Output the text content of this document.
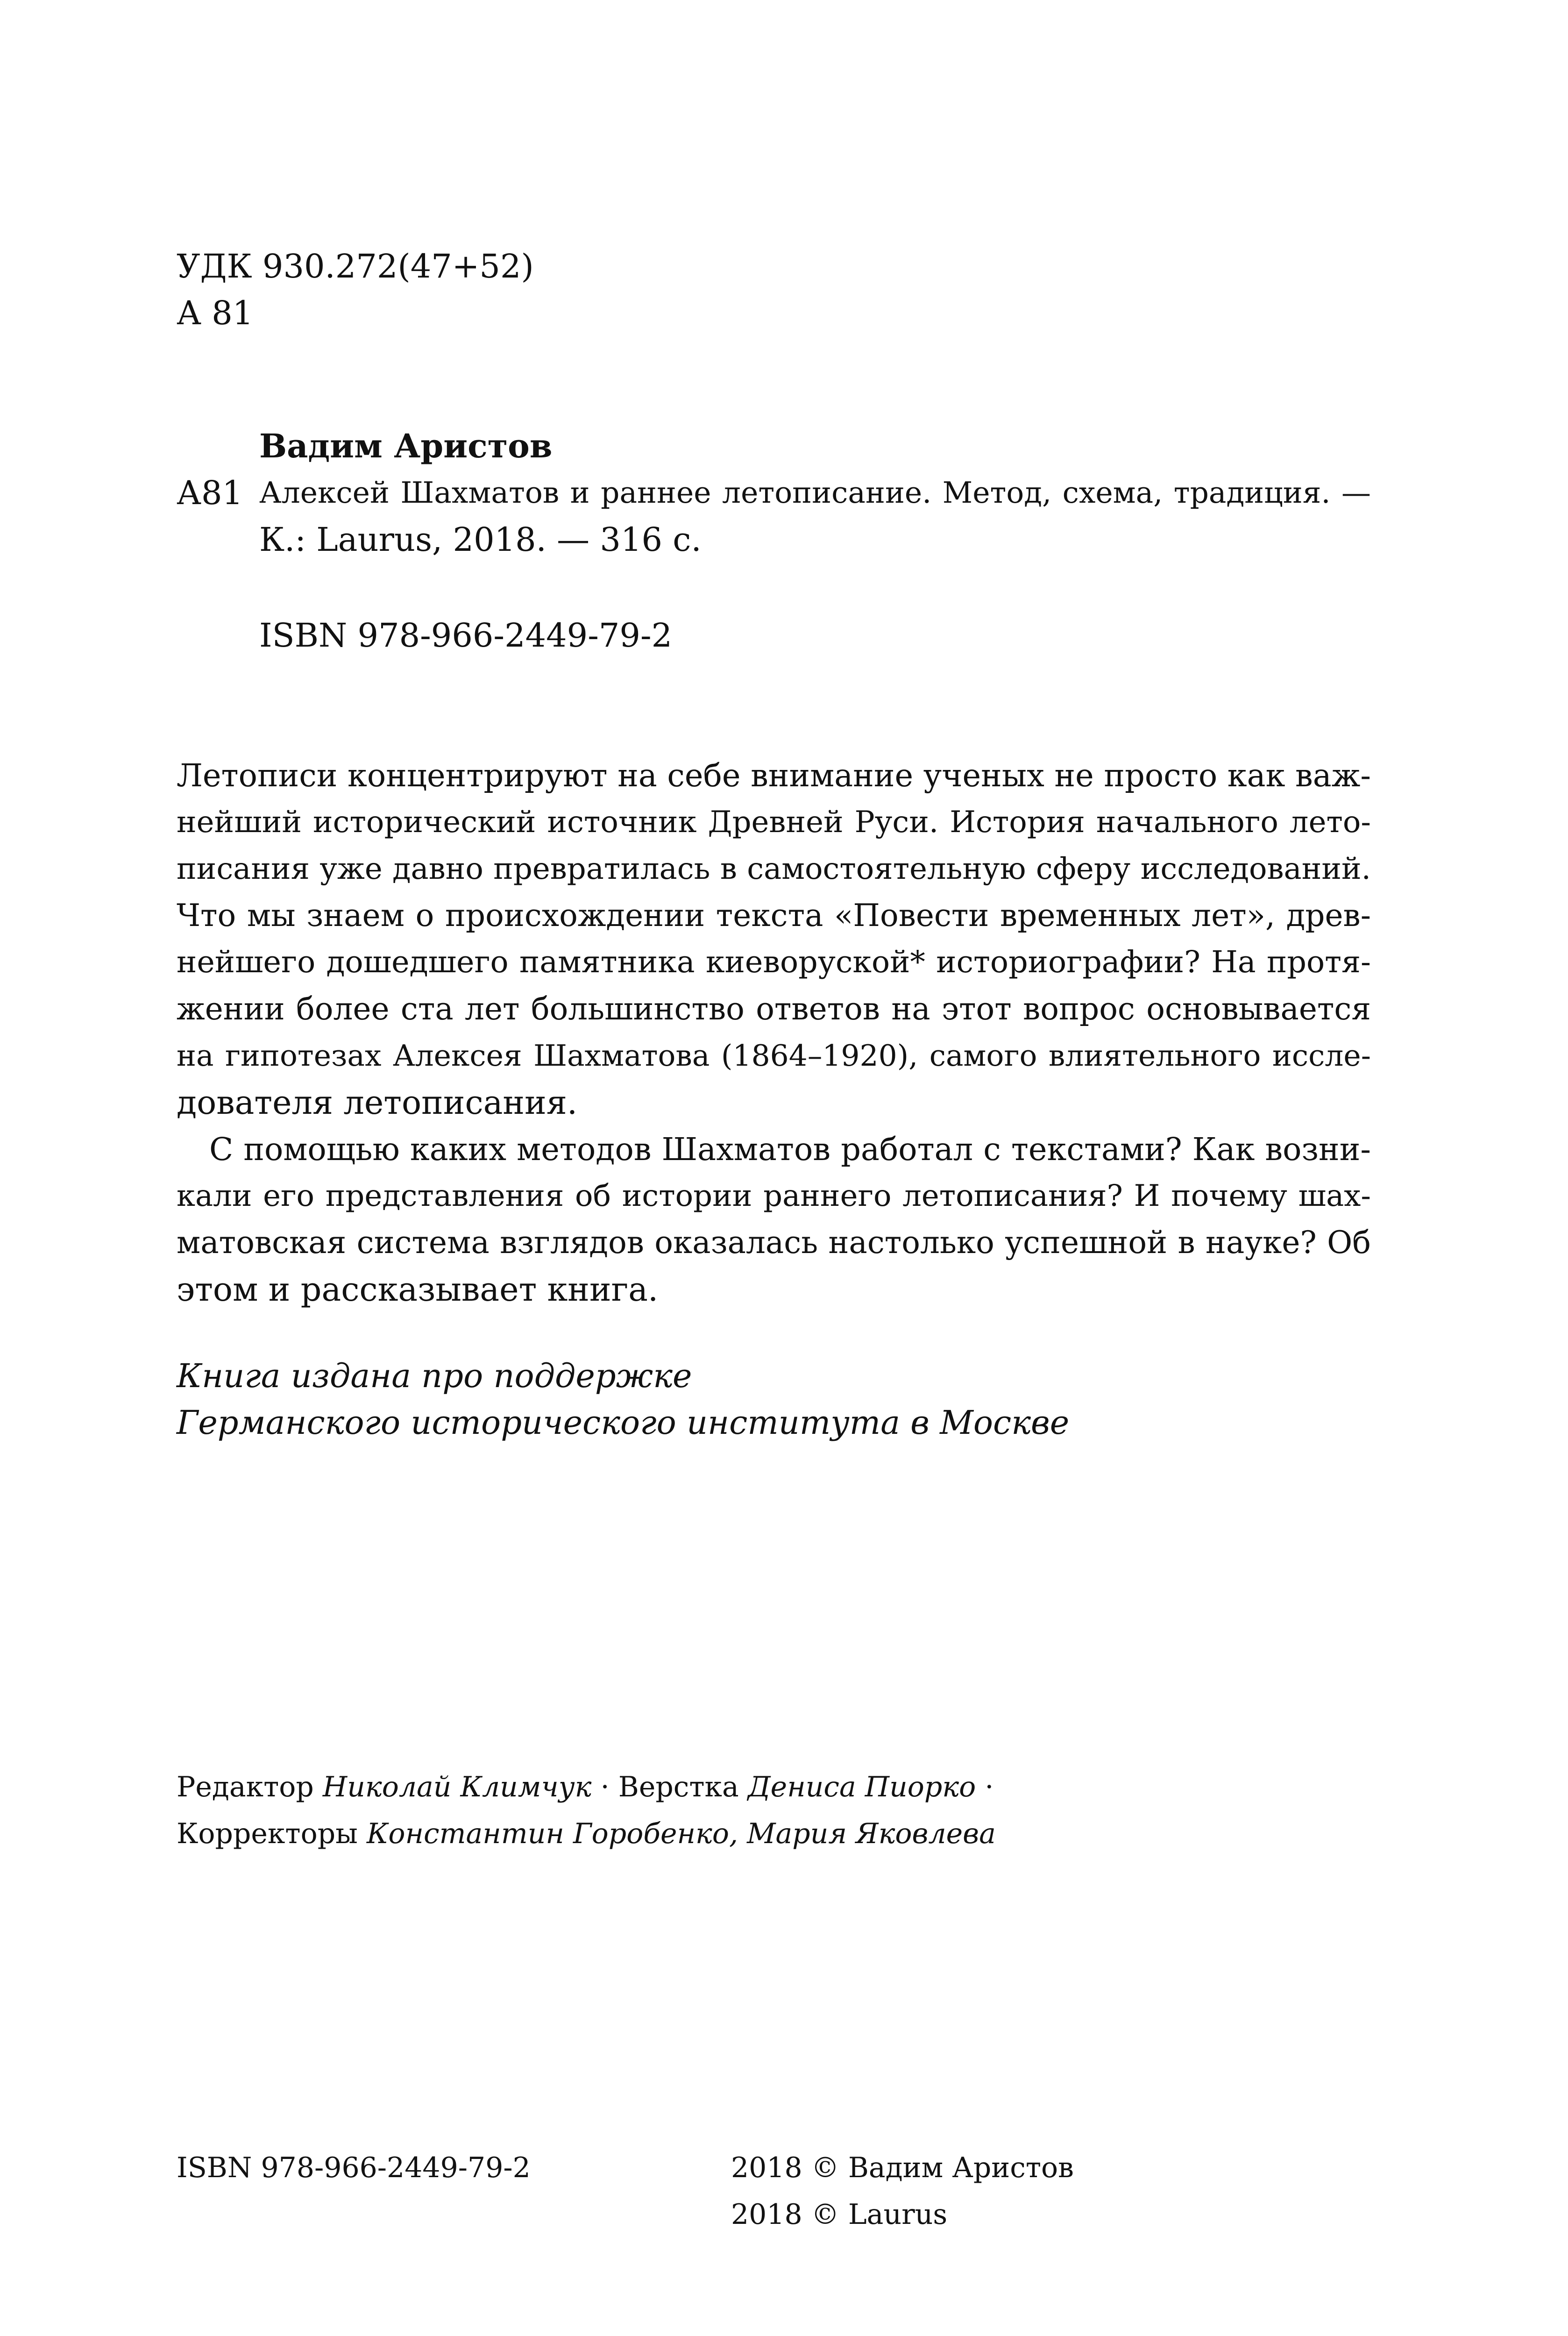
УДК 930.272(47+52)
А 81
Вадим Аристов
А81 Алексей Шахматов и раннее летописание. Метод, схема, традиция. —
К.: Laurus, 2018. — 316 с.
ISBN 978-966-2449-79-2
Летописи концентрируют на себе внимание ученых не просто как важ-
нейший исторический источник Древней Руси. История начального лето-
писания уже давно превратилась в самостоятельную сферу исследований.
Что мы знаем о происхождении текста «Повести временных лет», древ-
нейшего дошедшего памятника киеворуской* историографии? На протя-
жении более ста лет большинство ответов на этот вопрос основывается
на гипотезах Алексея Шахматова (1864–1920), самого влиятельного иссле-
дователя летописания.
С помощью каких методов Шахматов работал с текстами? Как возни-
кали его представления об истории раннего летописания? И почему шах-
матовская система взглядов оказалась настолько успешной в науке? Об
этом и рассказывает книга.
Книга издана про поддержке
Германского исторического института в Москве
Редактор Николай Климчук · Верстка Дениса Пиорко ·
Корректоры Константин Горобенко, Мария Яковлева
ISBN 978-966-2449-79-2	2018 © Вадим Аристов
2018 © Laurus
